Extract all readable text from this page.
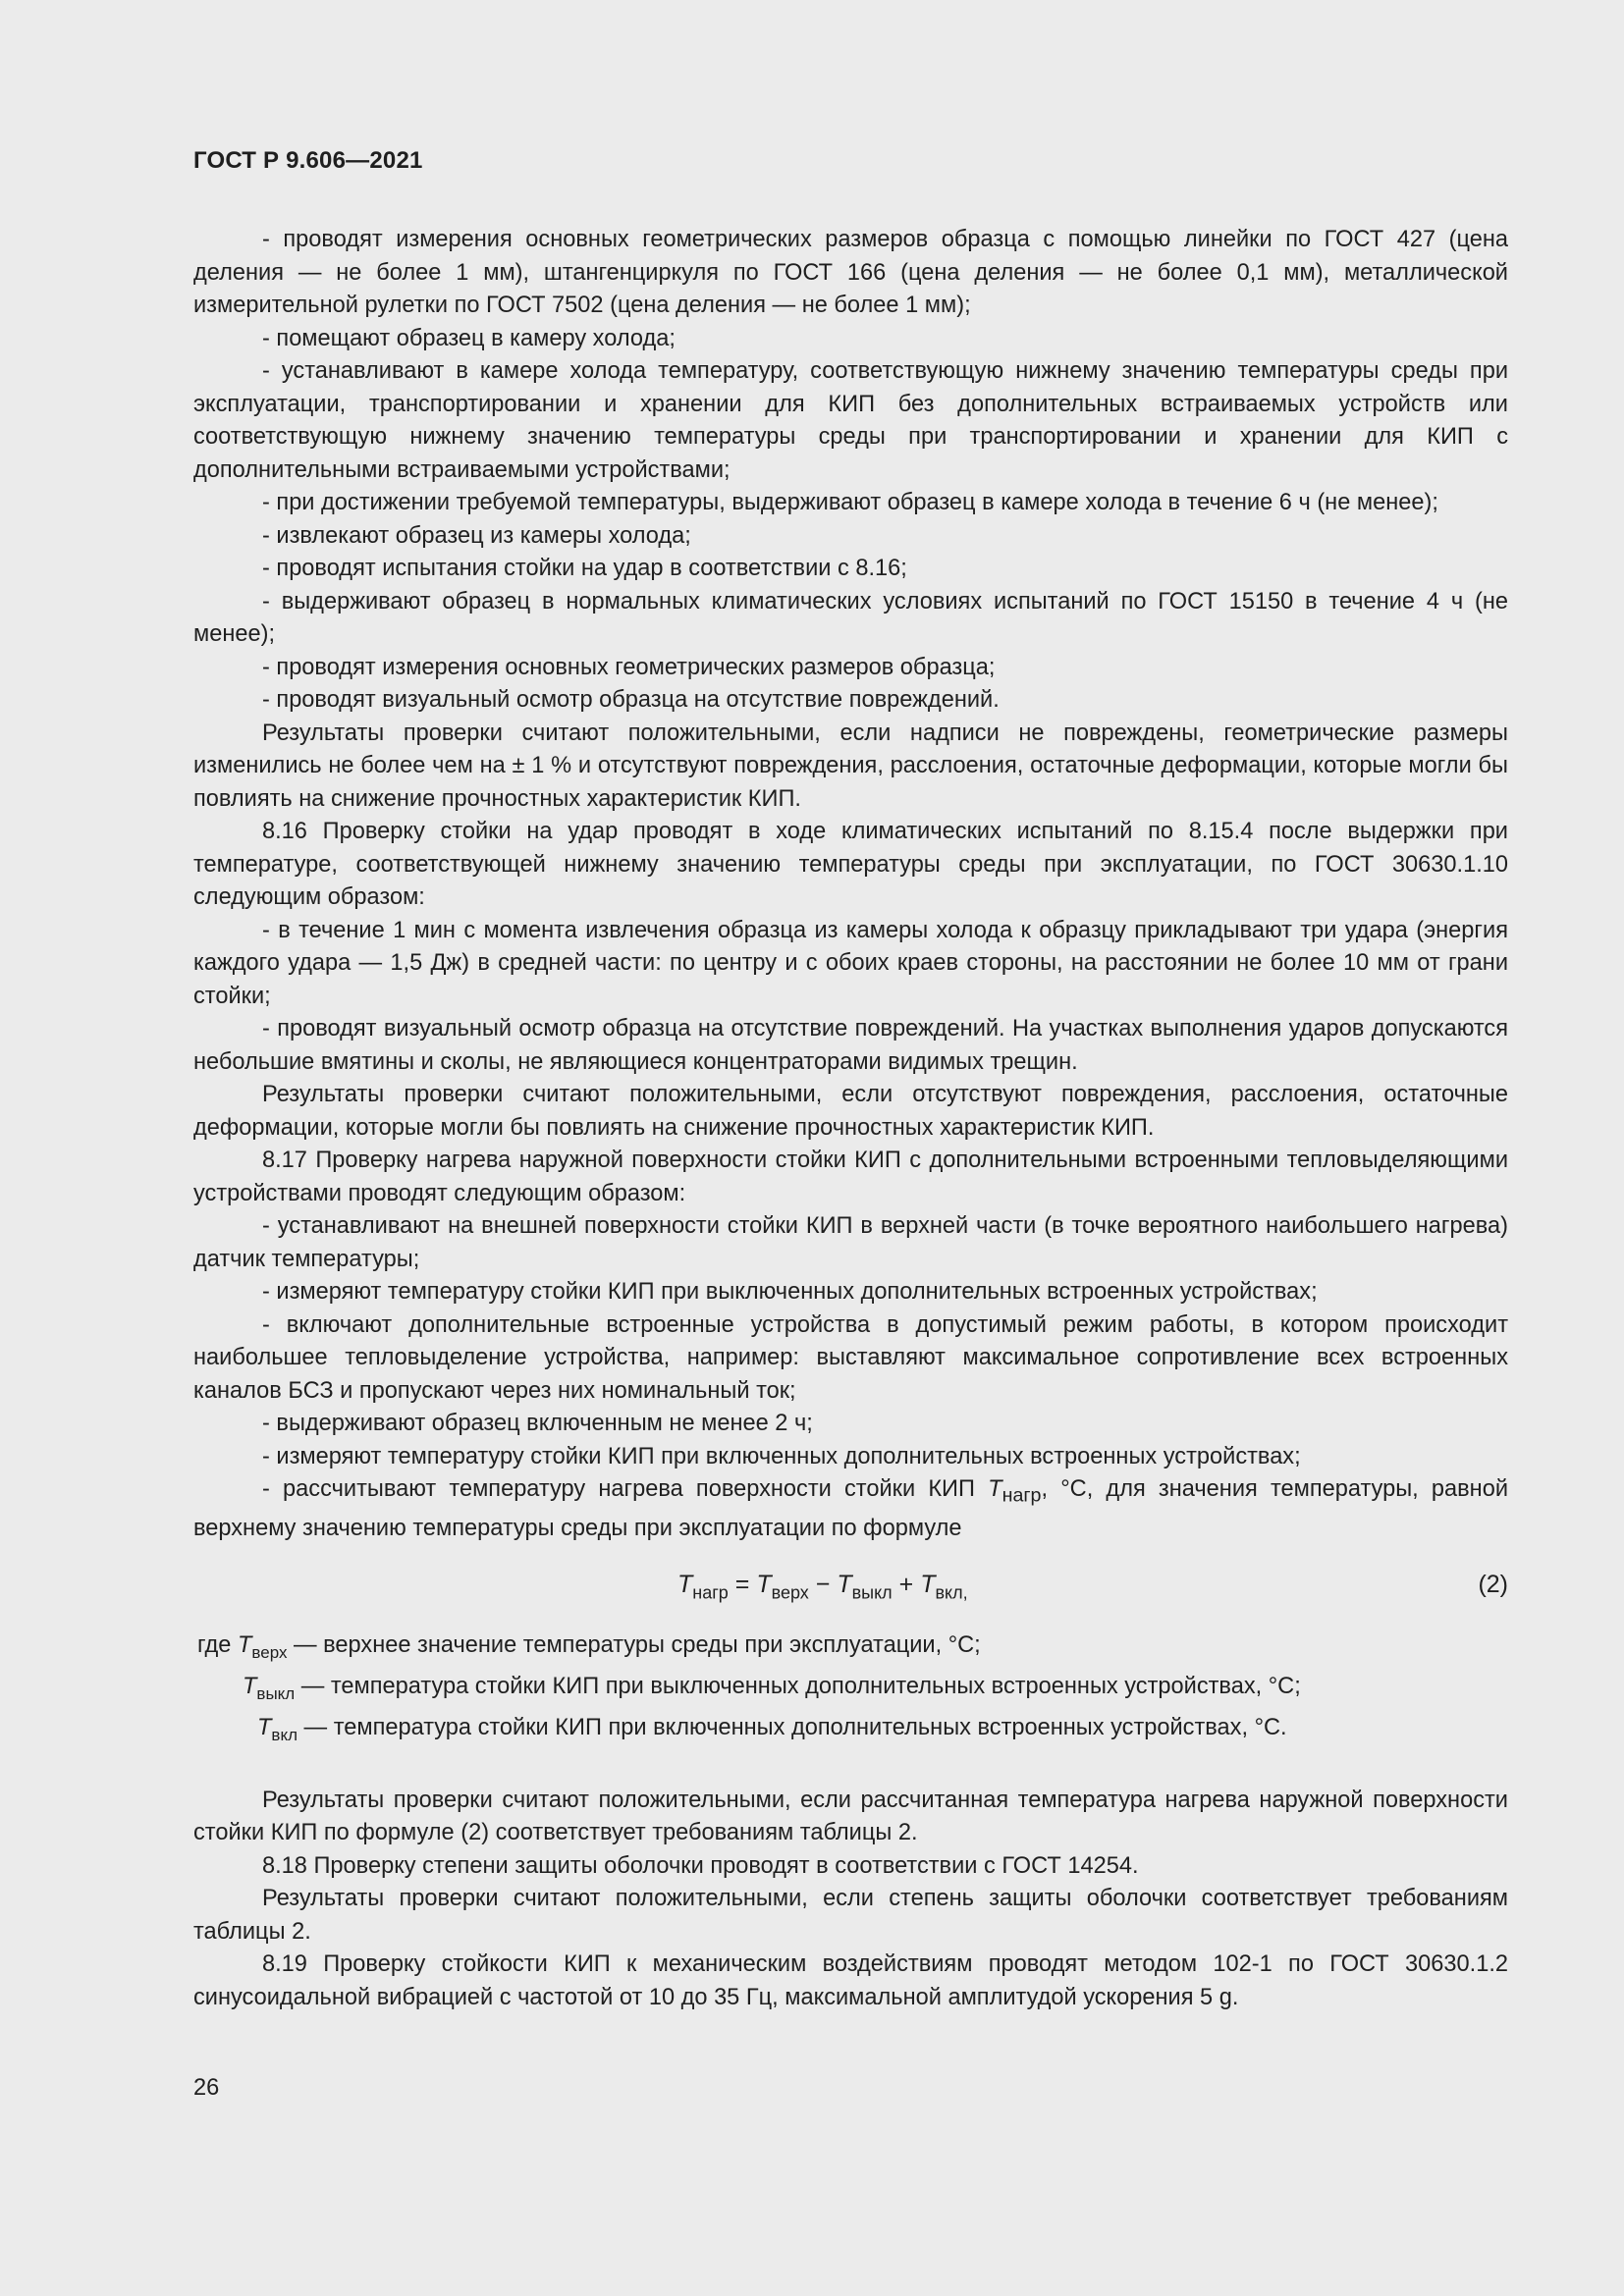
ГОСТ Р 9.606—2021

- проводят измерения основных геометрических размеров образца с помощью линейки по ГОСТ 427 (цена деления — не более 1 мм), штангенциркуля по ГОСТ 166 (цена деления — не более 0,1 мм), металлической измерительной рулетки по ГОСТ 7502 (цена деления — не более 1 мм);

- помещают образец в камеру холода;

- устанавливают в камере холода температуру, соответствующую нижнему значению температуры среды при эксплуатации, транспортировании и хранении для КИП без дополнительных встраиваемых устройств или соответствующую нижнему значению температуры среды при транспортировании и хранении для КИП с дополнительными встраиваемыми устройствами;

- при достижении требуемой температуры, выдерживают образец в камере холода в течение 6 ч (не менее);

- извлекают образец из камеры холода;

- проводят испытания стойки на удар в соответствии с 8.16;

- выдерживают образец в нормальных климатических условиях испытаний по ГОСТ 15150 в течение 4 ч (не менее);

- проводят измерения основных геометрических размеров образца;

- проводят визуальный осмотр образца на отсутствие повреждений.

Результаты проверки считают положительными, если надписи не повреждены, геометрические размеры изменились не более чем на ± 1 % и отсутствуют повреждения, расслоения, остаточные деформации, которые могли бы повлиять на снижение прочностных характеристик КИП.

8.16 Проверку стойки на удар проводят в ходе климатических испытаний по 8.15.4 после выдержки при температуре, соответствующей нижнему значению температуры среды при эксплуатации, по ГОСТ 30630.1.10 следующим образом:

- в течение 1 мин с момента извлечения образца из камеры холода к образцу прикладывают три удара (энергия каждого удара — 1,5 Дж) в средней части: по центру и с обоих краев стороны, на расстоянии не более 10 мм от грани стойки;

- проводят визуальный осмотр образца на отсутствие повреждений. На участках выполнения ударов допускаются небольшие вмятины и сколы, не являющиеся концентраторами видимых трещин.

Результаты проверки считают положительными, если отсутствуют повреждения, расслоения, остаточные деформации, которые могли бы повлиять на снижение прочностных характеристик КИП.

8.17 Проверку нагрева наружной поверхности стойки КИП с дополнительными встроенными тепловыделяющими устройствами проводят следующим образом:

- устанавливают на внешней поверхности стойки КИП в верхней части (в точке вероятного наибольшего нагрева) датчик температуры;

- измеряют температуру стойки КИП при выключенных дополнительных встроенных устройствах;

- включают дополнительные встроенные устройства в допустимый режим работы, в котором происходит наибольшее тепловыделение устройства, например: выставляют максимальное сопротивление всех встроенных каналов БСЗ и пропускают через них номинальный ток;

- выдерживают образец включенным не менее 2 ч;

- измеряют температуру стойки КИП при включенных дополнительных встроенных устройствах;

- рассчитывают температуру нагрева поверхности стойки КИП $T_{нагр}$, °С, для значения температуры, равной верхнему значению температуры среды при эксплуатации по формуле

$T_{нагр} = T_{верх} - T_{выкл} + T_{вкл,}$	(2)
где $T_{верх}$ — верхнее значение температуры среды при эксплуатации, °С;
$T_{выкл}$ — температура стойки КИП при выключенных дополнительных встроенных устройствах, °С;
$T_{вкл}$ — температура стойки КИП при включенных дополнительных встроенных устройствах, °С.

Результаты проверки считают положительными, если рассчитанная температура нагрева наружной поверхности стойки КИП по формуле (2) соответствует требованиям таблицы 2.

8.18 Проверку степени защиты оболочки проводят в соответствии с ГОСТ 14254.

Результаты проверки считают положительными, если степень защиты оболочки соответствует требованиям таблицы 2.

8.19 Проверку стойкости КИП к механическим воздействиям проводят методом 102-1 по ГОСТ 30630.1.2 синусоидальной вибрацией с частотой от 10 до 35 Гц, максимальной амплитудой ускорения 5 g.

26
